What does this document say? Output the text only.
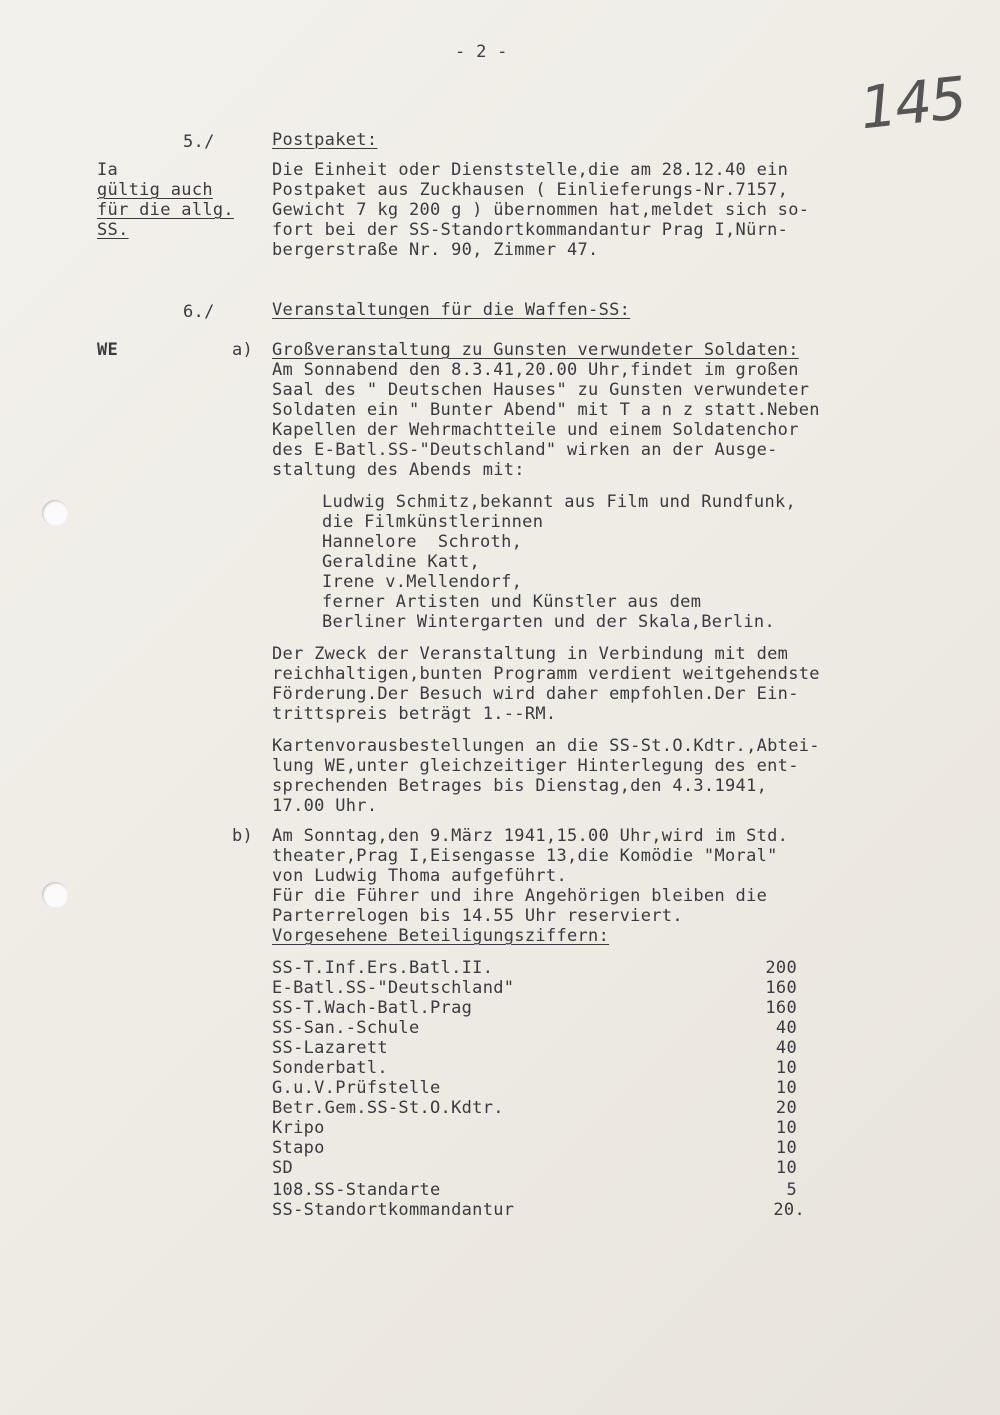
- 2 -
145
Ia
gültig auch
für die allg.
SS.
WE
5./	Postpaket:
Die Einheit oder Dienststelle,die am 28.12.40 ein
Postpaket aus Zuckhausen ( Einlieferungs-Nr.7157,
Gewicht 7 kg 200 g ) übernommen hat,meldet sich so-
fort bei der SS-Standortkommandantur Prag I,Nürn-
bergerstraße Nr. 90, Zimmer 47.
6./	Veranstaltungen für die Waffen-SS:
a) Großveranstaltung zu Gunsten verwundeter Soldaten:
Am Sonnabend den 8.3.41,20.00 Uhr,findet im großen
Saal des " Deutschen Hauses" zu Gunsten verwundeter
Soldaten ein " Bunter Abend" mit T a n z statt.Neben
Kapellen der Wehrmachtteile und einem Soldatenchor
des E-Batl.SS-"Deutschland" wirken an der Ausge-
staltung des Abends mit:
Ludwig Schmitz,bekannt aus Film und Rundfunk,
die Filmkünstlerinnen
Hannelore  Schroth,
Geraldine Katt,
Irene v.Mellendorf,
ferner Artisten und Künstler aus dem
Berliner Wintergarten und der Skala,Berlin.
Der Zweck der Veranstaltung in Verbindung mit dem
reichhaltigen,bunten Programm verdient weitgehendste
Förderung.Der Besuch wird daher empfohlen.Der Ein-
trittspreis beträgt 1.--RM.
Kartenvorausbestellungen an die SS-St.O.Kdtr.,Abtei-
lung WE,unter gleichzeitiger Hinterlegung des ent-
sprechenden Betrages bis Dienstag,den 4.3.1941,
17.00 Uhr.
b) Am Sonntag,den 9.März 1941,15.00 Uhr,wird im Std.
theater,Prag I,Eisengasse 13,die Komödie "Moral"
von Ludwig Thoma aufgeführt.
Für die Führer und ihre Angehörigen bleiben die
Parterrelogen bis 14.55 Uhr reserviert.
Vorgesehene Beteiligungsziffern:
SS-T.Inf.Ers.Batl.II.	200
E-Batl.SS-"Deutschland"	160
SS-T.Wach-Batl.Prag	160
SS-San.-Schule	40
SS-Lazarett	40
Sonderbatl.	10
G.u.V.Prüfstelle	10
Betr.Gem.SS-St.O.Kdtr.	20
Kripo	10
Stapo	10
SD	10
108.SS-Standarte	5
SS-Standortkommandantur	20.
